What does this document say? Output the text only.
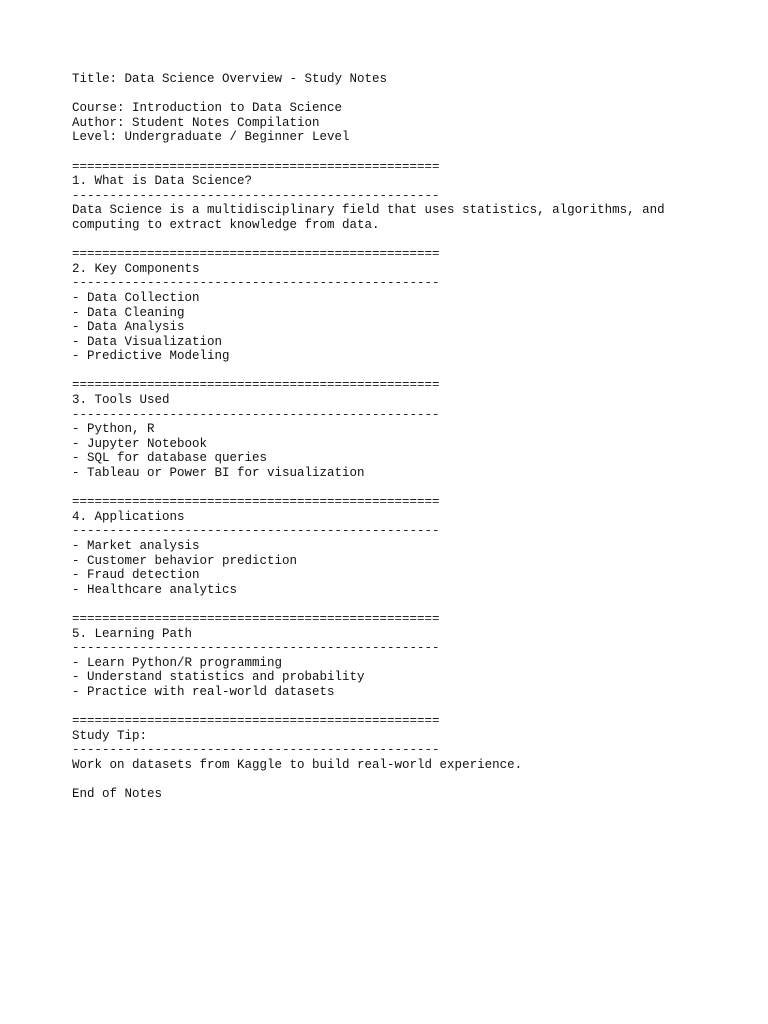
Title: Data Science Overview - Study Notes
Course: Introduction to Data Science
Author: Student Notes Compilation
Level: Undergraduate / Beginner Level
=================================================
1. What is Data Science?
-------------------------------------------------
Data Science is a multidisciplinary field that uses statistics, algorithms, and
computing to extract knowledge from data.
=================================================
2. Key Components
-------------------------------------------------
- Data Collection
- Data Cleaning
- Data Analysis
- Data Visualization
- Predictive Modeling
=================================================
3. Tools Used
-------------------------------------------------
- Python, R
- Jupyter Notebook
- SQL for database queries
- Tableau or Power BI for visualization
=================================================
4. Applications
-------------------------------------------------
- Market analysis
- Customer behavior prediction
- Fraud detection
- Healthcare analytics
=================================================
5. Learning Path
-------------------------------------------------
- Learn Python/R programming
- Understand statistics and probability
- Practice with real-world datasets
=================================================
Study Tip:
-------------------------------------------------
Work on datasets from Kaggle to build real-world experience.
End of Notes
